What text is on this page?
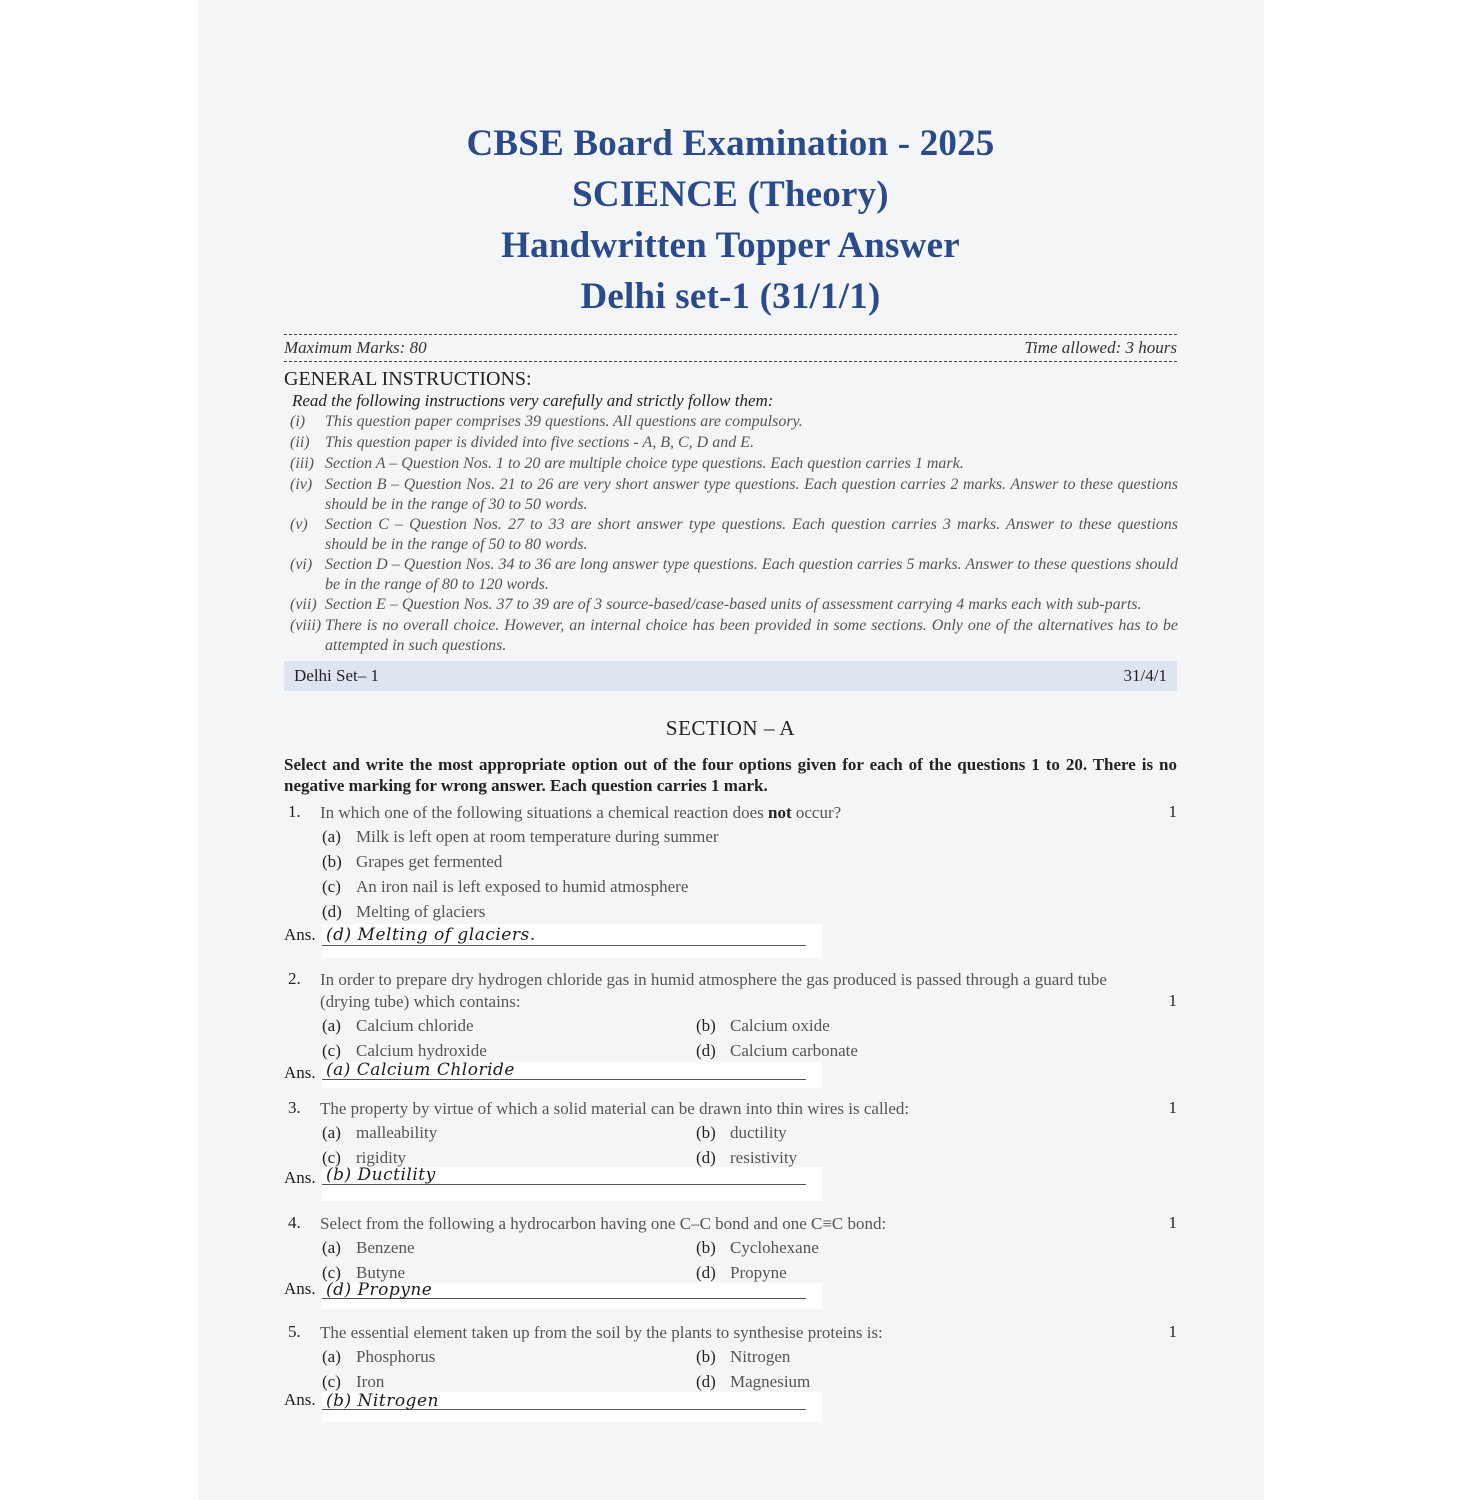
CBSE Board Examination - 2025
SCIENCE (Theory)
Handwritten Topper Answer
Delhi set-1 (31/1/1)
Maximum Marks: 80	Time allowed: 3 hours
GENERAL INSTRUCTIONS:
Read the following instructions very carefully and strictly follow them:
(i) This question paper comprises 39 questions. All questions are compulsory.
(ii) This question paper is divided into five sections - A, B, C, D and E.
(iii) Section A – Question Nos. 1 to 20 are multiple choice type questions. Each question carries 1 mark.
(iv) Section B – Question Nos. 21 to 26 are very short answer type questions. Each question carries 2 marks. Answer to these questions should be in the range of 30 to 50 words.
(v) Section C – Question Nos. 27 to 33 are short answer type questions. Each question carries 3 marks. Answer to these questions should be in the range of 50 to 80 words.
(vi) Section D – Question Nos. 34 to 36 are long answer type questions. Each question carries 5 marks. Answer to these questions should be in the range of 80 to 120 words.
(vii) Section E – Question Nos. 37 to 39 are of 3 source-based/case-based units of assessment carrying 4 marks each with sub-parts.
(viii) There is no overall choice. However, an internal choice has been provided in some sections. Only one of the alternatives has to be attempted in such questions.
Delhi Set– 1	31/4/1
SECTION – A
Select and write the most appropriate option out of the four options given for each of the questions 1 to 20. There is no negative marking for wrong answer. Each question carries 1 mark.
1. In which one of the following situations a chemical reaction does not occur?	1
(a) Milk is left open at room temperature during summer
(b) Grapes get fermented
(c) An iron nail is left exposed to humid atmosphere
(d) Melting of glaciers
Ans. (d) Melting of glaciers.
2. In order to prepare dry hydrogen chloride gas in humid atmosphere the gas produced is passed through a guard tube (drying tube) which contains:	1
(a) Calcium chloride	(b) Calcium oxide
(c) Calcium hydroxide	(d) Calcium carbonate
Ans. (a) Calcium Chloride
3. The property by virtue of which a solid material can be drawn into thin wires is called:	1
(a) malleability	(b) ductility
(c) rigidity	(d) resistivity
Ans. (b) Ductility
4. Select from the following a hydrocarbon having one C–C bond and one C≡C bond:	1
(a) Benzene	(b) Cyclohexane
(c) Butyne	(d) Propyne
Ans. (d) Propyne
5. The essential element taken up from the soil by the plants to synthesise proteins is:	1
(a) Phosphorus	(b) Nitrogen
(c) Iron	(d) Magnesium
Ans. (b) Nitrogen
